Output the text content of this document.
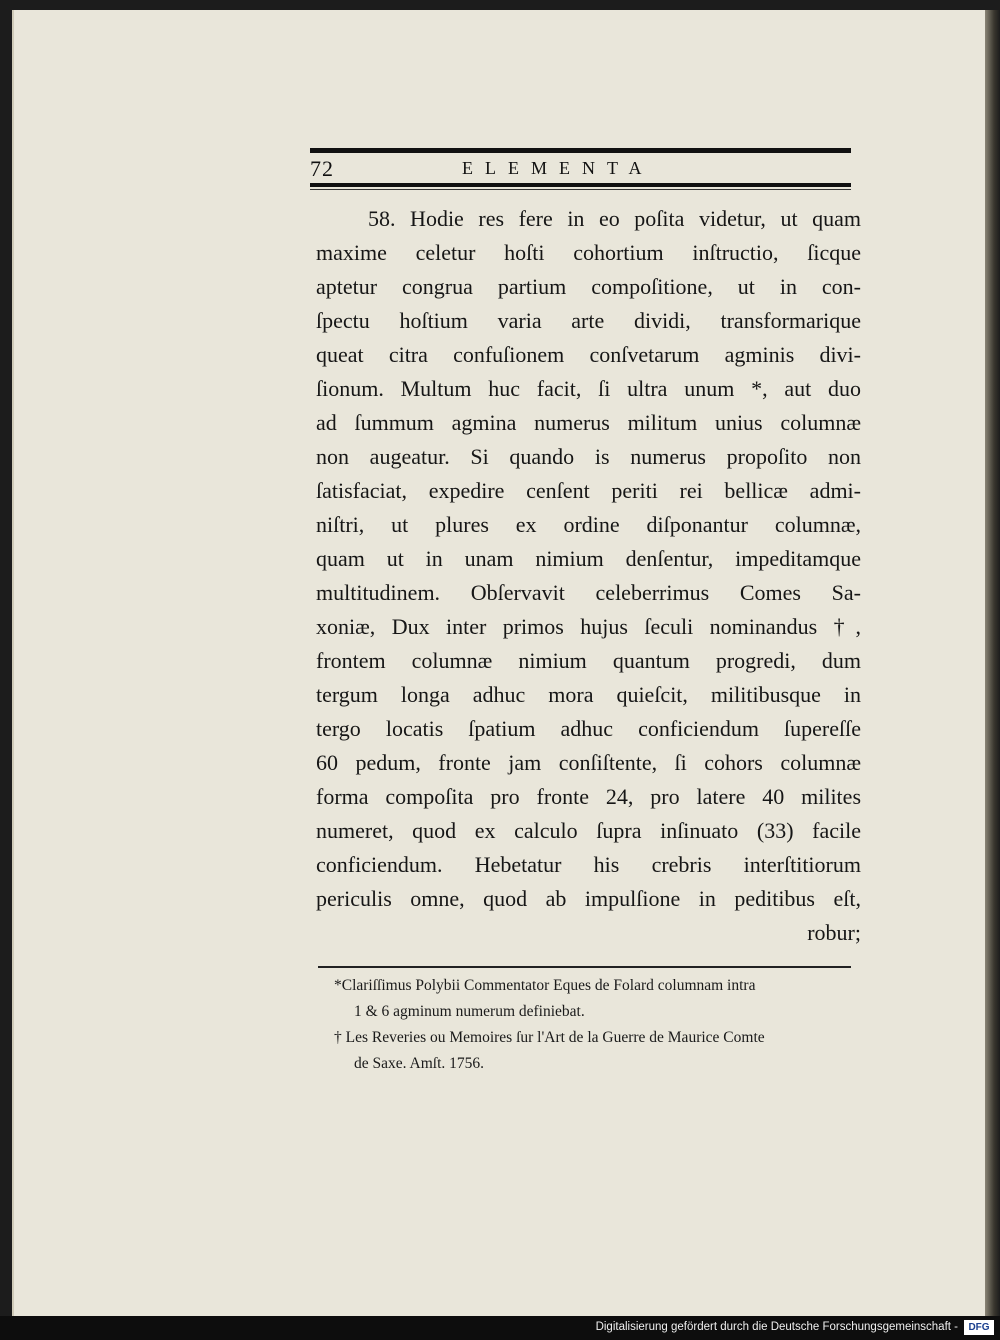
72	ELEMENTA
58. Hodie res fere in eo poſita videtur, ut quam
maxime celetur hoſti cohortium inſtructio, ſicque
aptetur congrua partium compoſitione, ut in con-
ſpectu hoſtium varia arte dividi, transformarique
queat citra confuſionem conſvetarum agminis divi-
ſionum. Multum huc facit, ſi ultra unum *, aut duo
ad ſummum agmina numerus militum unius columnæ
non augeatur. Si quando is numerus propoſito non
ſatisfaciat, expedire cenſent periti rei bellicæ admi-
niſtri, ut plures ex ordine diſponantur columnæ,
quam ut in unam nimium denſentur, impeditamque
multitudinem. Obſervavit celeberrimus Comes Sa-
xoniæ, Dux inter primos hujus ſeculi nominandus †,
frontem columnæ nimium quantum progredi, dum
tergum longa adhuc mora quieſcit, militibusque in
tergo locatis ſpatium adhuc conficiendum ſupereſſe
60 pedum, fronte jam conſiſtente, ſi cohors columnæ
forma compoſita pro fronte 24, pro latere 40 milites
numeret, quod ex calculo ſupra inſinuato (33) facile
conficiendum. Hebetatur his crebris interſtitiorum
periculis omne, quod ab impulſione in peditibus eſt,
robur;
*Clariſſimus Polybii Commentator Eques de Folard columnam intra
1 & 6 agminum numerum definiebat.
† Les Reveries ou Memoires ſur l'Art de la Guerre de Maurice Comte
de Saxe. Amſt. 1756.
Digitalisierung gefördert durch die Deutsche Forschungsgemeinschaft -	DFG
